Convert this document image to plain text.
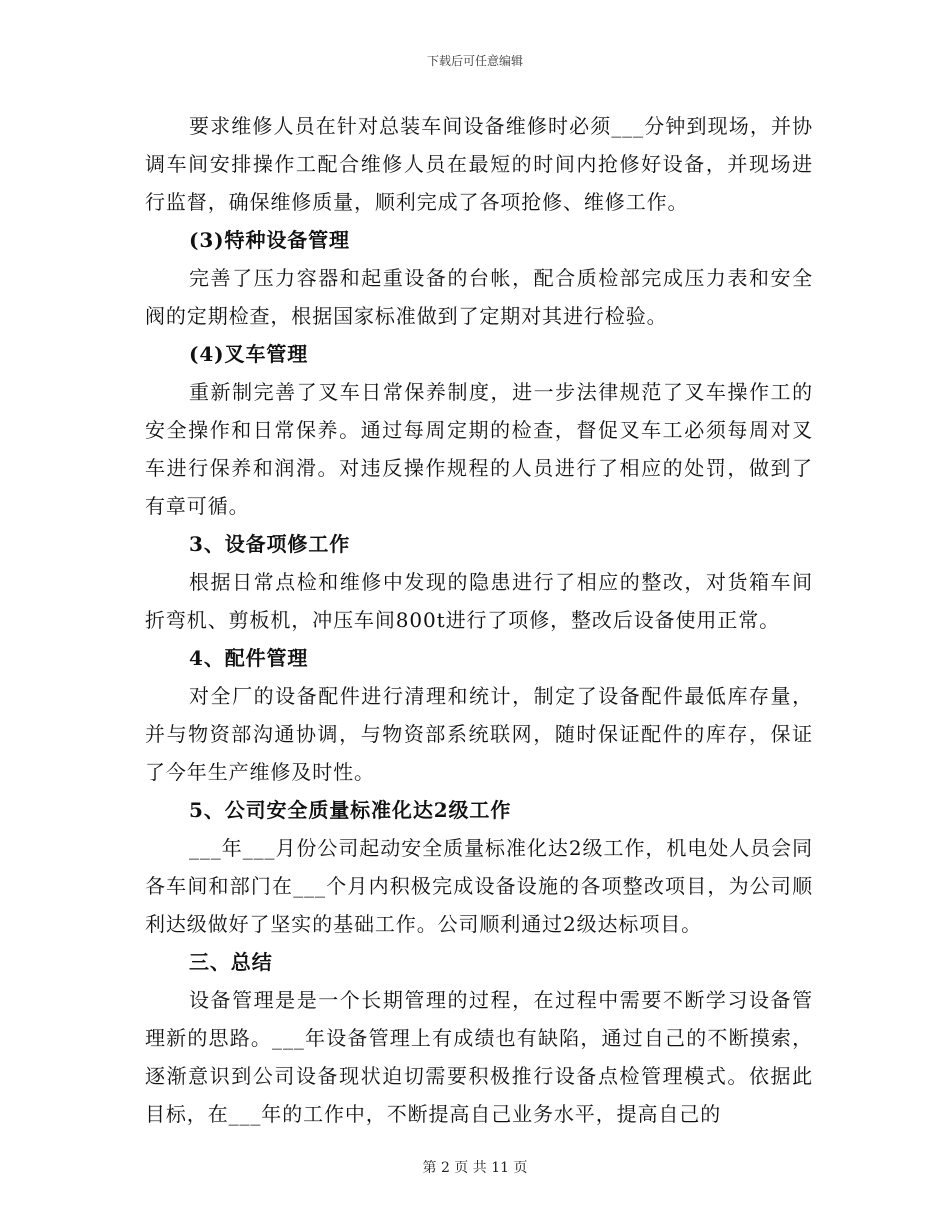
下载后可任意编辑

要求维修人员在针对总装车间设备维修时必须___分钟到现场，并协调车间安排操作工配合维修人员在最短的时间内抢修好设备，并现场进行监督，确保维修质量，顺利完成了各项抢修、维修工作。

(3)特种设备管理

完善了压力容器和起重设备的台帐，配合质检部完成压力表和安全阀的定期检查，根据国家标准做到了定期对其进行检验。

(4)叉车管理

重新制完善了叉车日常保养制度，进一步法律规范了叉车操作工的安全操作和日常保养。通过每周定期的检查，督促叉车工必须每周对叉车进行保养和润滑。对违反操作规程的人员进行了相应的处罚，做到了有章可循。

3、设备项修工作

根据日常点检和维修中发现的隐患进行了相应的整改，对货箱车间折弯机、剪板机，冲压车间800t进行了项修，整改后设备使用正常。

4、配件管理

对全厂的设备配件进行清理和统计，制定了设备配件最低库存量，并与物资部沟通协调，与物资部系统联网，随时保证配件的库存，保证了今年生产维修及时性。

5、公司安全质量标准化达2级工作

___年___月份公司起动安全质量标准化达2级工作，机电处人员会同各车间和部门在___个月内积极完成设备设施的各项整改项目，为公司顺利达级做好了坚实的基础工作。公司顺利通过2级达标项目。

三、总结

设备管理是是一个长期管理的过程，在过程中需要不断学习设备管理新的思路。___年设备管理上有成绩也有缺陷，通过自己的不断摸索，逐渐意识到公司设备现状迫切需要积极推行设备点检管理模式。依据此目标，在___年的工作中，不断提高自己业务水平，提高自己的

第 2 页 共 11 页
